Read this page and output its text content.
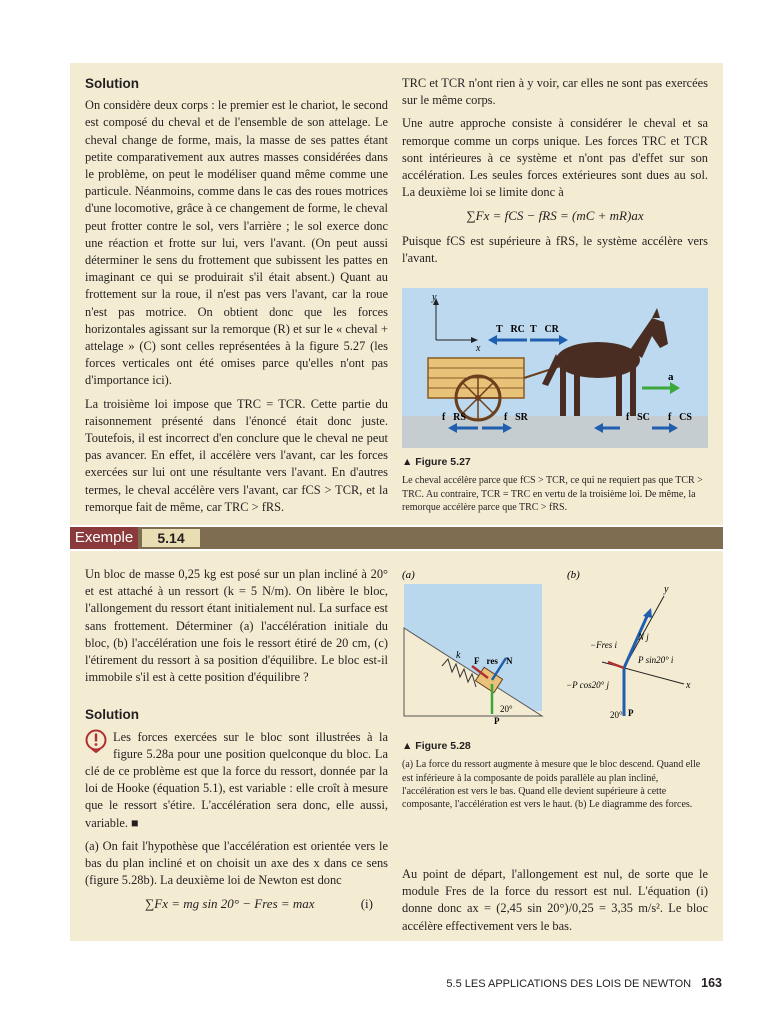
Solution

On considère deux corps : le premier est le chariot, le second est composé du cheval et de l'ensemble de son attelage. Le cheval change de forme, mais, la masse de ses pattes étant petite comparativement aux autres masses considérées dans le problème, on peut le modéliser quand même comme une particule. Néanmoins, comme dans le cas des roues motrices d'une locomotive, grâce à ce changement de forme, le cheval peut frotter contre le sol, vers l'arrière ; le sol exerce donc une réaction et frotte sur lui, vers l'avant. (On peut aussi déterminer le sens du frottement que subissent les pattes en imaginant ce qui se produirait s'il était absent.) Quant au frottement sur la roue, il n'est pas vers l'avant, car la roue n'est pas motrice. On obtient donc que les forces horizontales agissant sur la remorque (R) et sur le « cheval + attelage » (C) sont celles représentées à la figure 5.27 (les forces verticales ont été omises parce qu'elles n'ont pas d'importance ici).

La troisième loi impose que TRC = TCR. Cette partie du raisonnement présenté dans l'énoncé était donc juste. Toutefois, il est incorrect d'en conclure que le cheval ne peut pas avancer. En effet, il accélère vers l'avant, car les forces exercées sur lui ont une résultante vers l'avant. En d'autres termes, le cheval accélère vers l'avant, car fCS > TCR, et la remorque fait de même, car TRC > fRS.

TRC et TCR n'ont rien à y voir, car elles ne sont pas exercées sur le même corps.

Une autre approche consiste à considérer le cheval et sa remorque comme un corps unique. Les forces TRC et TCR sont intérieures à ce système et n'ont pas d'effet sur son accélération. Les seules forces extérieures sont dues au sol. La deuxième loi se limite donc à

∑Fx = fCS − fRS = (mC + mR)ax

Puisque fCS est supérieure à fRS, le système accélère vers l'avant.

y
x
T⃗RC T⃗CR
a⃗
f⃗RS	f⃗SR	f⃗SC f⃗CS
▲ Figure 5.27
Le cheval accélère parce que fCS > TCR, ce qui ne requiert pas que TCR > TRC. Au contraire, TCR = TRC en vertu de la troisième loi. De même, la remorque accélère parce que TRC > fRS.
Exemple	5.14

Un bloc de masse 0,25 kg est posé sur un plan incliné à 20° et est attaché à un ressort (k = 5 N/m). On libère le bloc, l'allongement du ressort étant initialement nul. La surface est sans frottement. Déterminer (a) l'accélération initiale du bloc, (b) l'accélération une fois le ressort étiré de 20 cm, (c) l'étirement du ressort à sa position d'équilibre. Le bloc est-il immobile s'il est à cette position d'équilibre ?

Solution

Les forces exercées sur le bloc sont illustrées à la figure 5.28a pour une position quelconque du bloc. La clé de ce problème est que la force du ressort, donnée par la loi de Hooke (équation 5.1), est variable : elle croît à mesure que le ressort s'étire. L'accélération sera donc, elle aussi, variable. ■

(a) On fait l'hypothèse que l'accélération est orientée vers le bas du plan incliné et on choisit un axe des x dans ce sens (figure 5.28b). La deuxième loi de Newton est donc

∑Fx = mg sin 20° − Fres = max	(i)
(a)	(b)
k F⃗res N⃗
P⃗
20°
y
x
−Fres i⃗
N j⃗
P sin20° i⃗
−P cos20° j⃗
P⃗
20°
▲ Figure 5.28
(a) La force du ressort augmente à mesure que le bloc descend. Quand elle est inférieure à la composante de poids parallèle au plan incliné, l'accélération est vers le bas. Quand elle devient supérieure à cette composante, l'accélération est vers le haut. (b) Le diagramme des forces.

Au point de départ, l'allongement est nul, de sorte que le module Fres de la force du ressort est nul. L'équation (i) donne donc ax = (2,45 sin 20°)/0,25 = 3,35 m/s². Le bloc accélère effectivement vers le bas.

5.5 LES APPLICATIONS DES LOIS DE NEWTON 163
